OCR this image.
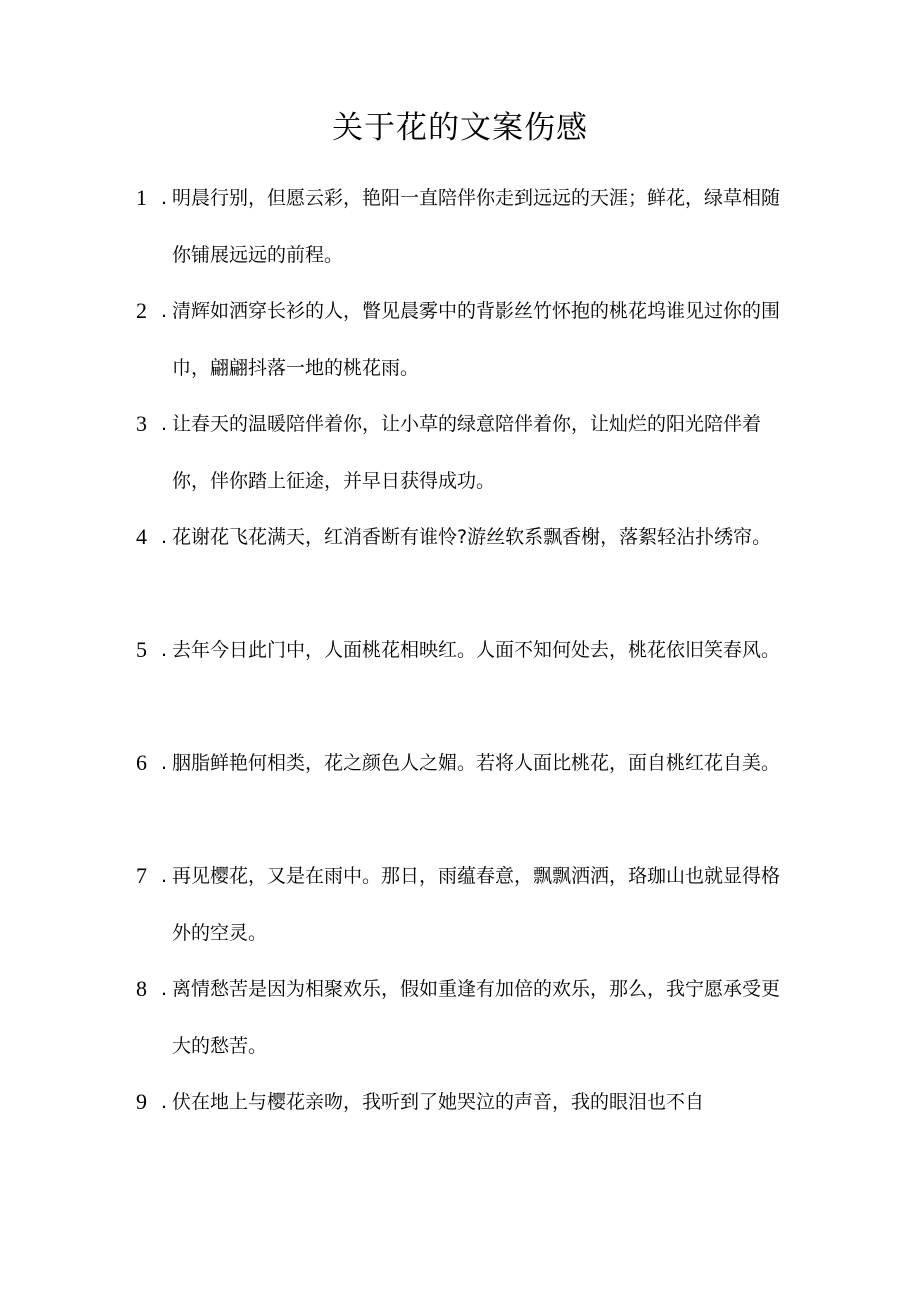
关于花的文案伤感
1 . 明晨行别，但愿云彩，艳阳一直陪伴你走到远远的天涯；鲜花，绿草相随你铺展远远的前程。
2 . 清辉如洒穿长衫的人，瞥见晨雾中的背影丝竹怀抱的桃花坞谁见过你的围巾，翩翩抖落一地的桃花雨。
3 . 让春天的温暖陪伴着你，让小草的绿意陪伴着你，让灿烂的阳光陪伴着你，伴你踏上征途，并早日获得成功。
4 . 花谢花飞花满天，红消香断有谁怜?游丝软系飘香榭，落絮轻沾扑绣帘。
5 . 去年今日此门中，人面桃花相映红。人面不知何处去，桃花依旧笑春风。
6 . 胭脂鲜艳何相类，花之颜色人之媚。若将人面比桃花，面自桃红花自美。
7 . 再见樱花，又是在雨中。那日，雨蕴春意，飘飘洒洒，珞珈山也就显得格外的空灵。
8 . 离情愁苦是因为相聚欢乐，假如重逢有加倍的欢乐，那么，我宁愿承受更大的愁苦。
9 . 伏在地上与樱花亲吻，我听到了她哭泣的声音，我的眼泪也不自
